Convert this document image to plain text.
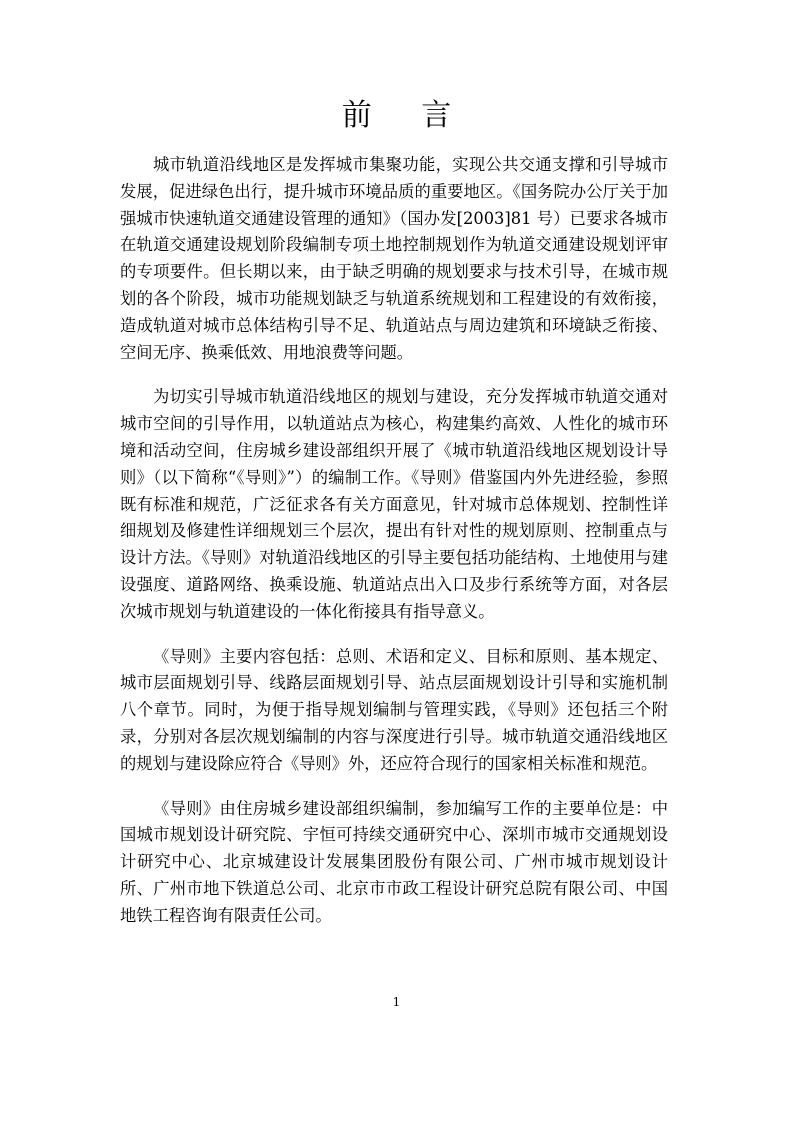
前 言

城市轨道沿线地区是发挥城市集聚功能，实现公共交通支撑和引导城市发展，促进绿色出行，提升城市环境品质的重要地区。《国务院办公厅关于加强城市快速轨道交通建设管理的通知》（国办发[2003]81 号）已要求各城市在轨道交通建设规划阶段编制专项土地控制规划作为轨道交通建设规划评审的专项要件。但长期以来，由于缺乏明确的规划要求与技术引导，在城市规划的各个阶段，城市功能规划缺乏与轨道系统规划和工程建设的有效衔接，造成轨道对城市总体结构引导不足、轨道站点与周边建筑和环境缺乏衔接、空间无序、换乘低效、用地浪费等问题。

为切实引导城市轨道沿线地区的规划与建设，充分发挥城市轨道交通对城市空间的引导作用，以轨道站点为核心，构建集约高效、人性化的城市环境和活动空间，住房城乡建设部组织开展了《城市轨道沿线地区规划设计导则》（以下简称“《导则》”）的编制工作。《导则》借鉴国内外先进经验，参照既有标准和规范，广泛征求各有关方面意见，针对城市总体规划、控制性详细规划及修建性详细规划三个层次，提出有针对性的规划原则、控制重点与设计方法。《导则》对轨道沿线地区的引导主要包括功能结构、土地使用与建设强度、道路网络、换乘设施、轨道站点出入口及步行系统等方面，对各层次城市规划与轨道建设的一体化衔接具有指导意义。

《导则》主要内容包括：总则、术语和定义、目标和原则、基本规定、城市层面规划引导、线路层面规划引导、站点层面规划设计引导和实施机制八个章节。同时，为便于指导规划编制与管理实践，《导则》还包括三个附录，分别对各层次规划编制的内容与深度进行引导。城市轨道交通沿线地区的规划与建设除应符合《导则》外，还应符合现行的国家相关标准和规范。

《导则》由住房城乡建设部组织编制，参加编写工作的主要单位是：中国城市规划设计研究院、宇恒可持续交通研究中心、深圳市城市交通规划设计研究中心、北京城建设计发展集团股份有限公司、广州市城市规划设计所、广州市地下铁道总公司、北京市市政工程设计研究总院有限公司、中国地铁工程咨询有限责任公司。

1
